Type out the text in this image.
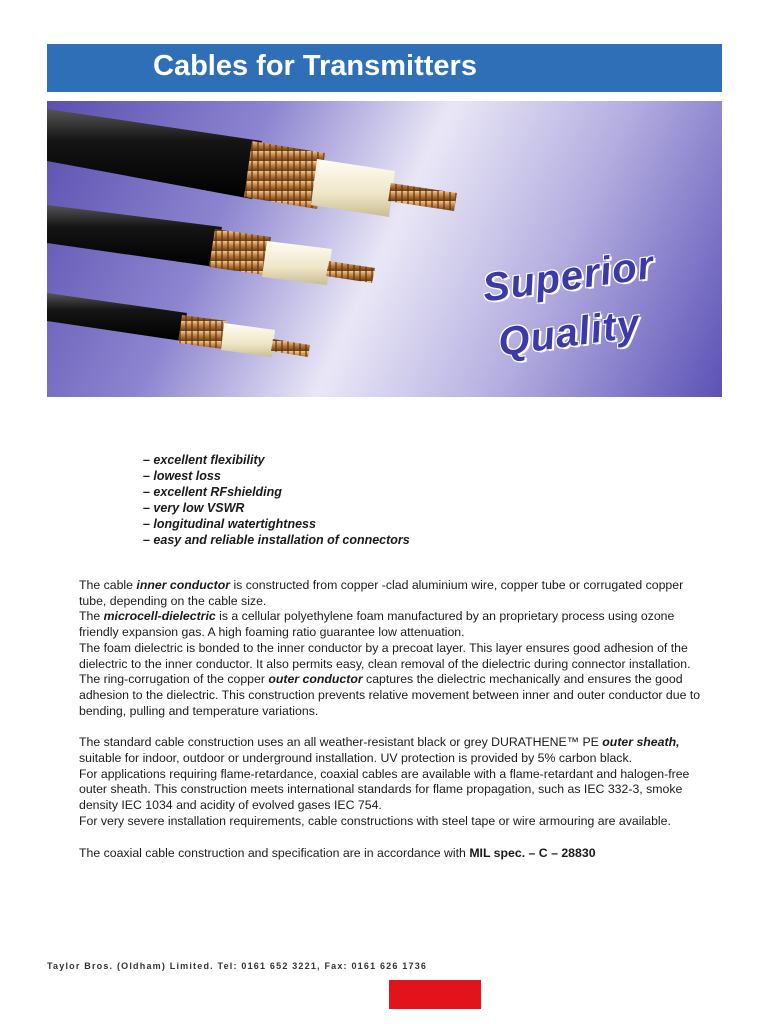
Cables for Transmitters
Superior
Quality
– excellent flexibility
– lowest loss
– excellent RFshielding
– very low VSWR
– longitudinal watertightness
– easy and reliable installation of connectors

The cable inner conductor is constructed from copper -clad aluminium wire, copper tube or corrugated copper tube, depending on the cable size.

The microcell-dielectric is a cellular polyethylene foam manufactured by an proprietary process using ozone friendly expansion gas. A high foaming ratio guarantee low attenuation.

The foam dielectric is bonded to the inner conductor by a precoat layer. This layer ensures good adhesion of the dielectric to the inner conductor. It also permits easy, clean removal of the dielectric during connector installation.

The ring-corrugation of the copper outer conductor captures the dielectric mechanically and ensures the good adhesion to the dielectric. This construction prevents relative movement between inner and outer conductor due to bending, pulling and temperature variations.

The standard cable construction uses an all weather-resistant black or grey DURATHENE™ PE outer sheath, suitable for indoor, outdoor or underground installation. UV protection is provided by 5% carbon black.

For applications requiring flame-retardance, coaxial cables are available with a flame-retardant and halogen-free outer sheath. This construction meets international standards for flame propagation, such as IEC 332-3, smoke density IEC 1034 and acidity of evolved gases IEC 754.

For very severe installation requirements, cable constructions with steel tape or wire armouring are available.

The coaxial cable construction and specification are in accordance with MIL spec. – C – 28830

Taylor Bros. (Oldham) Limited. Tel: 0161 652 3221, Fax: 0161 626 1736
